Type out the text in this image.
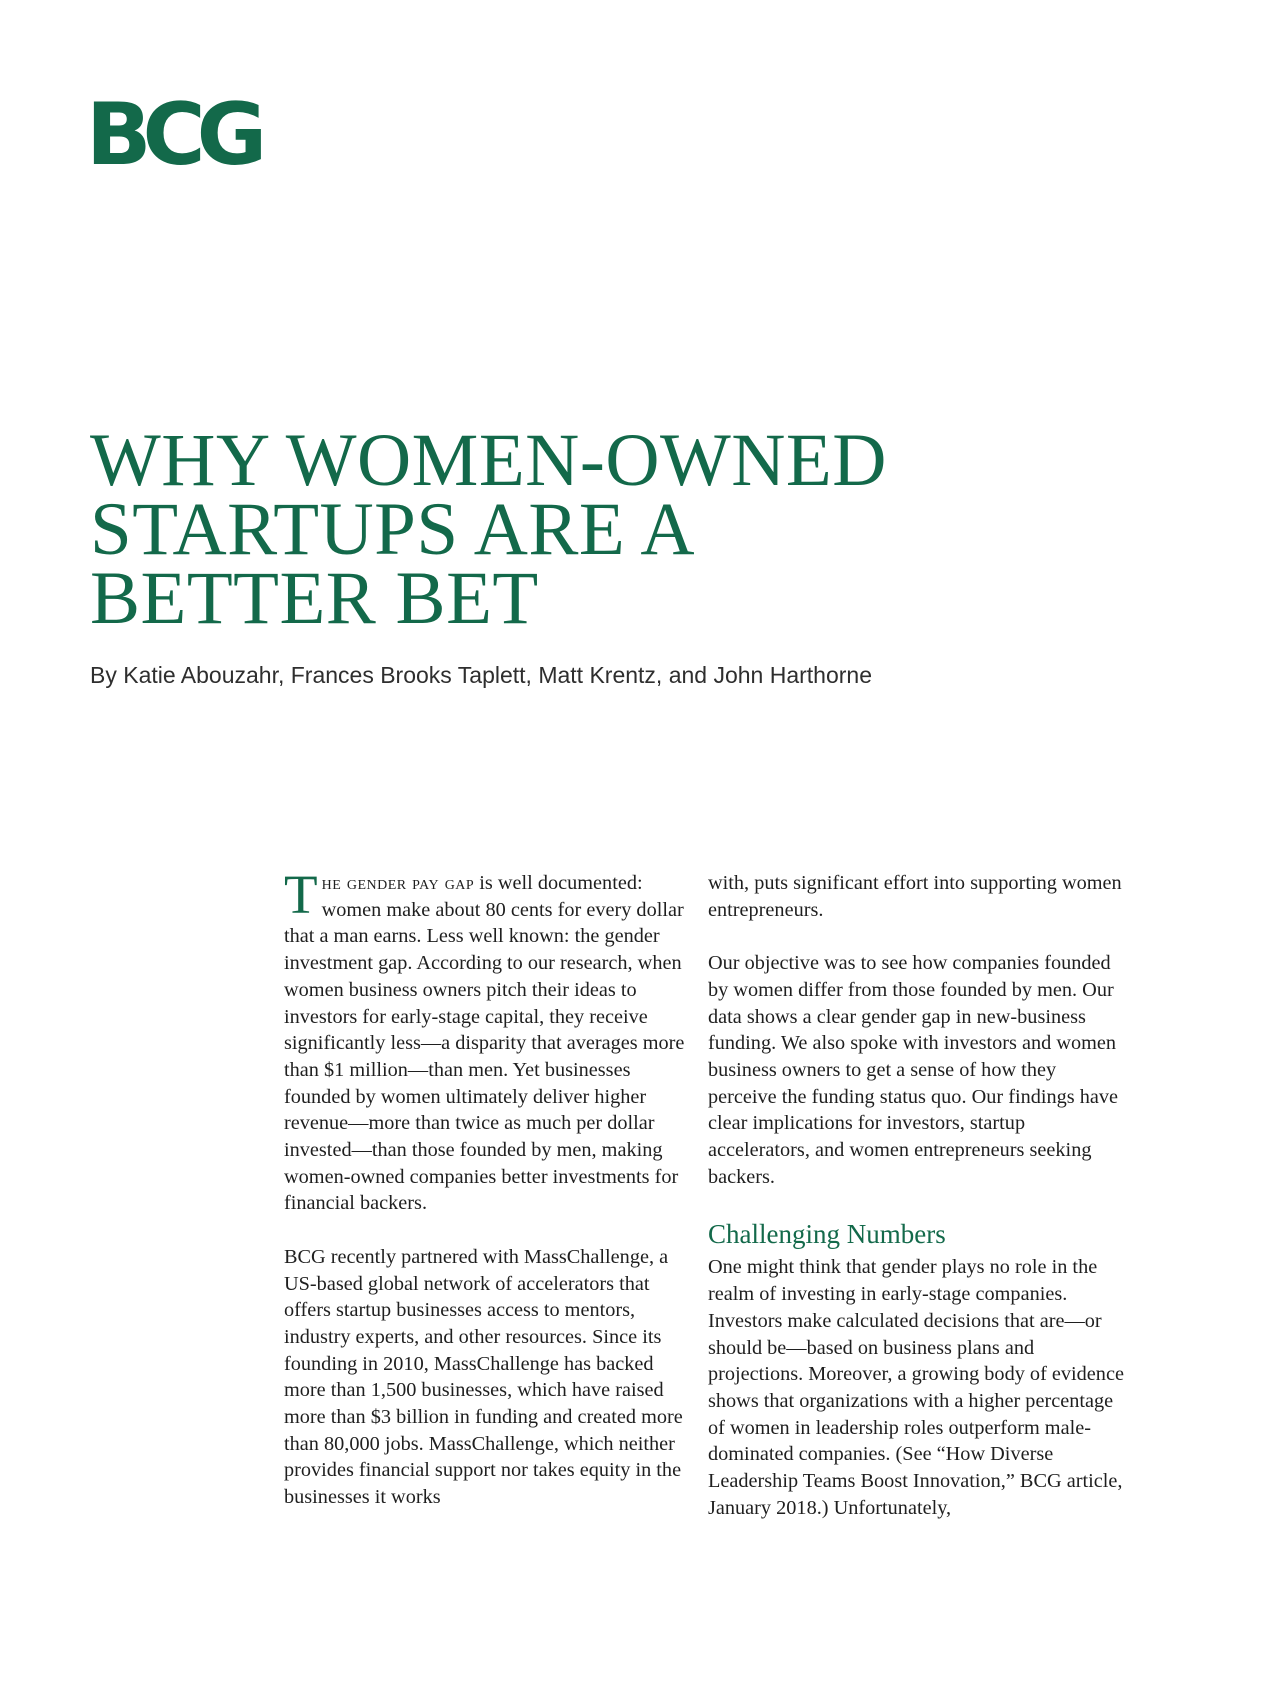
BCG
WHY WOMEN-OWNED
STARTUPS ARE A
BETTER BET
By Katie Abouzahr, Frances Brooks Taplett, Matt Krentz, and John Harthorne

The gender pay gap is well documented: women make about 80 cents for every dollar that a man earns. Less well known: the gender investment gap. According to our research, when women business owners pitch their ideas to investors for early-stage capital, they receive significantly less—a disparity that averages more than $1 million—than men. Yet businesses founded by women ultimately deliver higher revenue—more than twice as much per dollar invested—than those founded by men, making women-owned companies better investments for financial backers.

BCG recently partnered with MassChallenge, a US-based global network of accelerators that offers startup businesses access to mentors, industry experts, and other resources. Since its founding in 2010, MassChallenge has backed more than 1,500 businesses, which have raised more than $3 billion in funding and created more than 80,000 jobs. MassChallenge, which neither provides financial support nor takes equity in the businesses it works

with, puts significant effort into supporting women entrepreneurs.

Our objective was to see how companies founded by women differ from those founded by men. Our data shows a clear gender gap in new-business funding. We also spoke with investors and women business owners to get a sense of how they perceive the funding status quo. Our findings have clear implications for investors, startup accelerators, and women entrepreneurs seeking backers.

Challenging Numbers

One might think that gender plays no role in the realm of investing in early-stage companies. Investors make calculated decisions that are—or should be—based on business plans and projections. Moreover, a growing body of evidence shows that organizations with a higher percentage of women in leadership roles outperform male-dominated companies. (See “How Diverse Leadership Teams Boost Innovation,” BCG article, January 2018.) Unfortunately,
